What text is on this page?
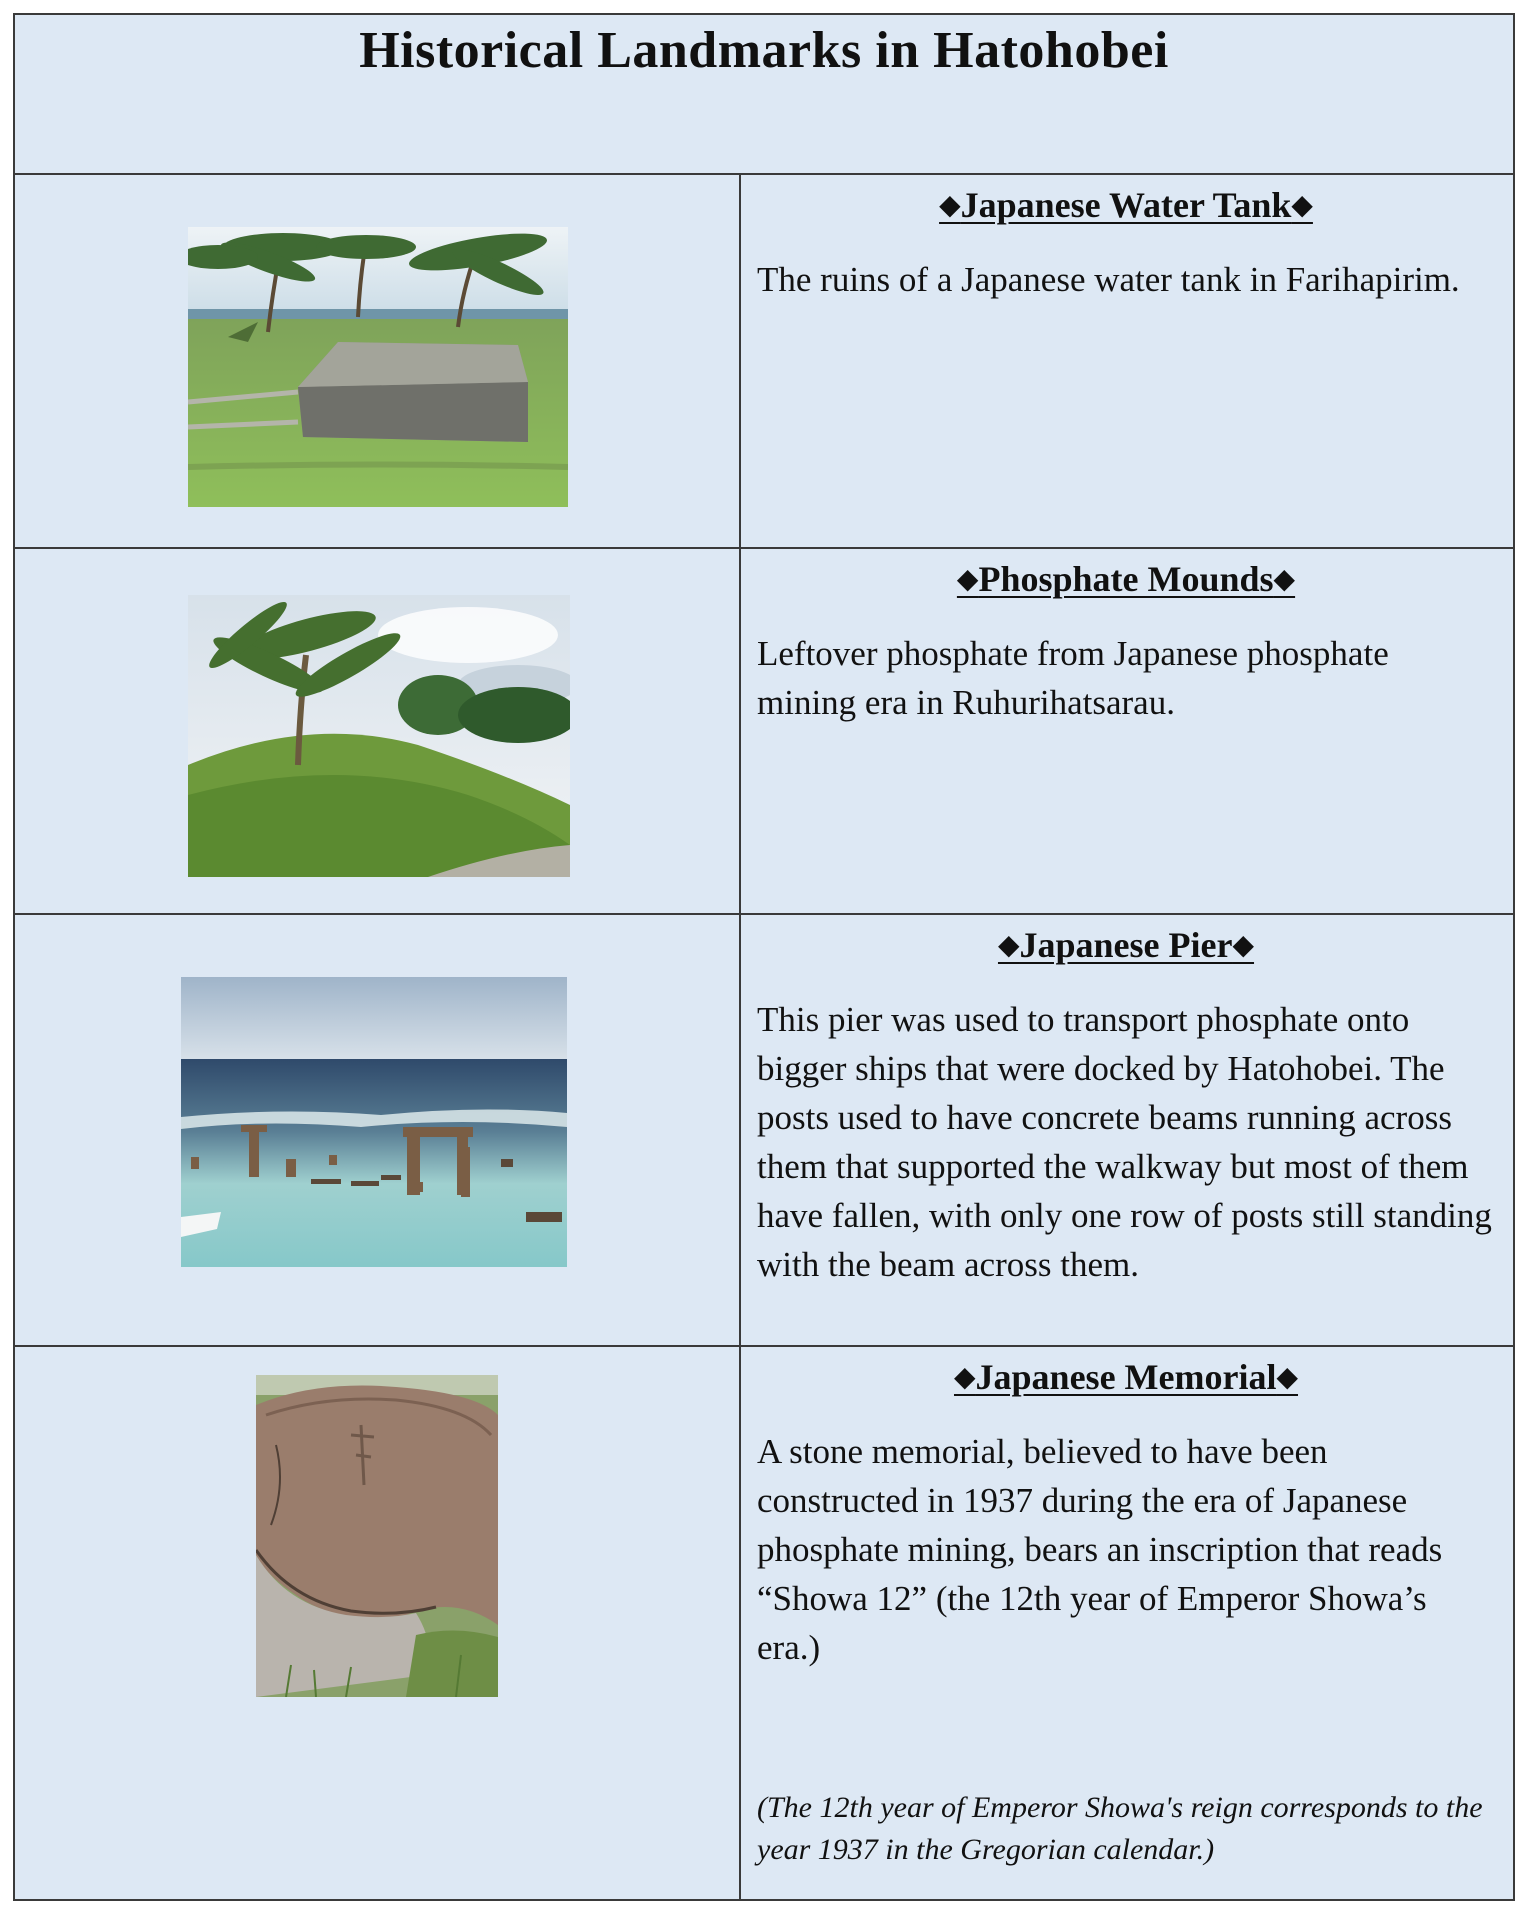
Historical Landmarks in Hatohobei

◆Japanese Water Tank◆

The ruins of a Japanese water tank in Farihapirim.

◆Phosphate Mounds◆

Leftover phosphate from Japanese phosphate mining era in Ruhurihatsarau.

◆Japanese Pier◆

This pier was used to transport phosphate onto bigger ships that were docked by Hatohobei. The posts used to have concrete beams running across them that supported the walkway but most of them have fallen, with only one row of posts still standing with the beam across them.

◆Japanese Memorial◆

A stone memorial, believed to have been constructed in 1937 during the era of Japanese phosphate mining, bears an inscription that reads “Showa 12” (the 12th year of Emperor Showa’s era.)

(The 12th year of Emperor Showa's reign corresponds to the year 1937 in the Gregorian calendar.)
